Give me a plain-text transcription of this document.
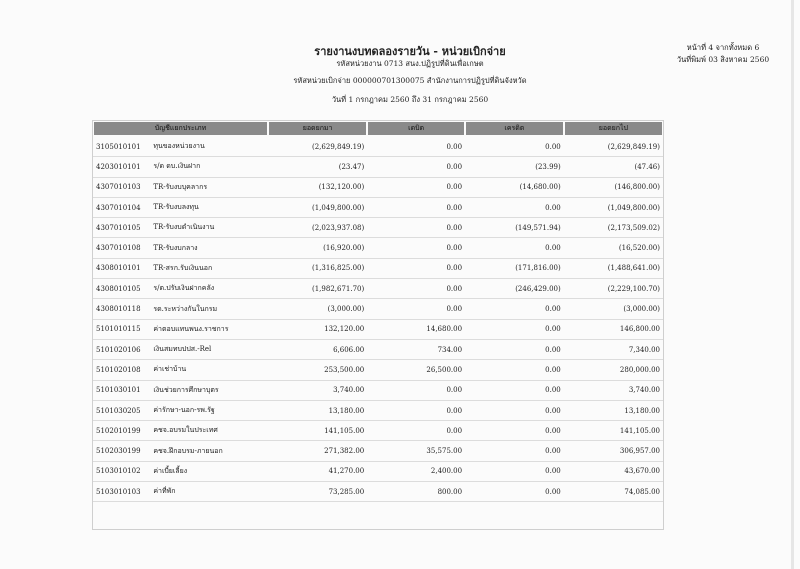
รายงานงบทดลองรายวัน - หน่วยเบิกจ่าย
รหัสหน่วยงาน 0713 สนง.ปฏิรูปที่ดินเพื่อเกษต
รหัสหน่วยเบิกจ่าย 000000701300075 สำนักงานการปฏิรูปที่ดินจังหวัด
วันที่ 1 กรกฎาคม 2560 ถึง 31 กรกฎาคม 2560
หน้าที่ 4 จากทั้งหมด 6
วันที่พิมพ์ 03 สิงหาคม 2560
บัญชีแยกประเภท		ยอดยกมา	เดบิต	เครดิต	ยอดยกไป

3105010101	ทุนของหน่วยงาน	(2,629,849.19)	0.00	0.00	(2,629,849.19)
4203010101	ร/ด ดบ.เงินฝาก	(23.47)	0.00	(23.99)	(47.46)
4307010103	TR-รับงบบุคลากร	(132,120.00)	0.00	(14,680.00)	(146,800.00)
4307010104	TR-รับงบลงทุน	(1,049,800.00)	0.00	0.00	(1,049,800.00)
4307010105	TR-รับงบดำเนินงาน	(2,023,937.08)	0.00	(149,571.94)	(2,173,509.02)
4307010108	TR-รับงบกลาง	(16,920.00)	0.00	0.00	(16,520.00)
4308010101	TR-สรก.รับเงินนอก	(1,316,825.00)	0.00	(171,816.00)	(1,488,641.00)
4308010105	ร/ต.ปรับเงินฝากคลัง	(1,982,671.70)	0.00	(246,429.00)	(2,229,100.70)
4308010118	รด.ระหว่างกันในกรม	(3,000.00)	0.00	0.00	(3,000.00)
5101010115	ค่าตอบแทนพนง.ราชการ	132,120.00	14,680.00	0.00	146,800.00
5101020106	เงินสมทบปปส.-Rel	6,606.00	734.00	0.00	7,340.00
5101020108	ค่าเช่าบ้าน	253,500.00	26,500.00	0.00	280,000.00
5101030101	เงินช่วยการศึกษาบุตร	3,740.00	0.00	0.00	3,740.00
5101030205	ค่ารักษา-นอก-รพ.รัฐ	13,180.00	0.00	0.00	13,180.00
5102010199	คชจ.อบรมในประเทศ	141,105.00	0.00	0.00	141,105.00
5102030199	คชจ.ฝึกอบรม-ภายนอก	271,382.00	35,575.00	0.00	306,957.00
5103010102	ค่าเบี้ยเลี้ยง	41,270.00	2,400.00	0.00	43,670.00
5103010103	ค่าที่พัก	73,285.00	800.00	0.00	74,085.00
